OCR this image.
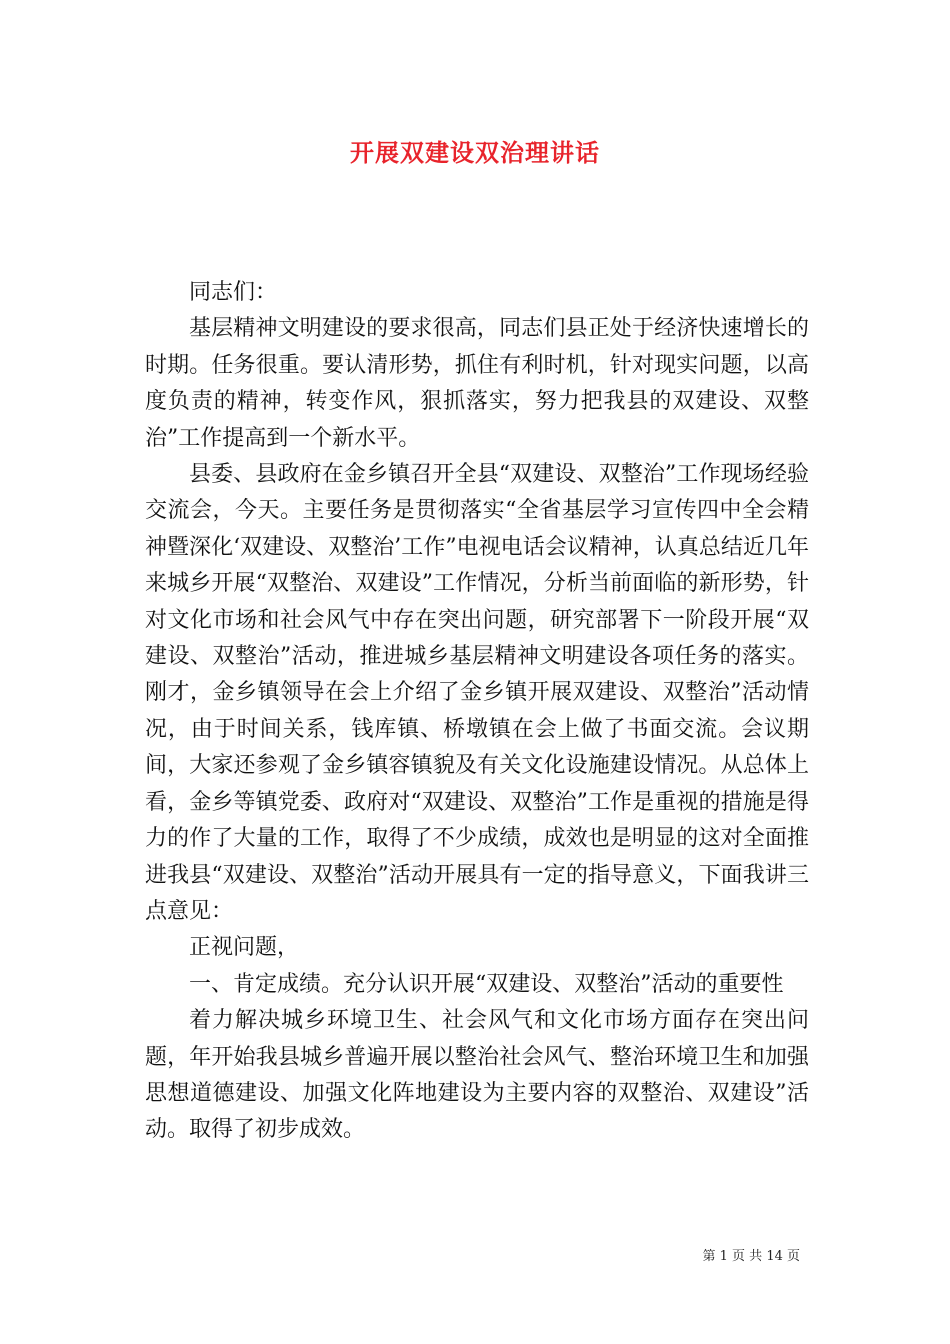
开展双建设双治理讲话

同志们：

基层精神文明建设的要求很高，同志们县正处于经济快速增长的时期。任务很重。要认清形势，抓住有利时机，针对现实问题，以高度负责的精神，转变作风，狠抓落实，努力把我县的双建设、双整治”工作提高到一个新水平。

县委、县政府在金乡镇召开全县“双建设、双整治”工作现场经验交流会，今天。主要任务是贯彻落实“全省基层学习宣传四中全会精神暨深化‘双建设、双整治’工作”电视电话会议精神，认真总结近几年来城乡开展“双整治、双建设”工作情况，分析当前面临的新形势，针对文化市场和社会风气中存在突出问题，研究部署下一阶段开展“双建设、双整治”活动，推进城乡基层精神文明建设各项任务的落实。刚才，金乡镇领导在会上介绍了金乡镇开展双建设、双整治”活动情况，由于时间关系，钱库镇、桥墩镇在会上做了书面交流。会议期间，大家还参观了金乡镇容镇貌及有关文化设施建设情况。从总体上看，金乡等镇党委、政府对“双建设、双整治”工作是重视的措施是得力的作了大量的工作，取得了不少成绩，成效也是明显的这对全面推进我县“双建设、双整治”活动开展具有一定的指导意义，下面我讲三点意见：

正视问题，

一、肯定成绩。充分认识开展“双建设、双整治”活动的重要性

着力解决城乡环境卫生、社会风气和文化市场方面存在突出问题，年开始我县城乡普遍开展以整治社会风气、整治环境卫生和加强思想道德建设、加强文化阵地建设为主要内容的双整治、双建设”活动。取得了初步成效。

第 1 页 共 14 页
